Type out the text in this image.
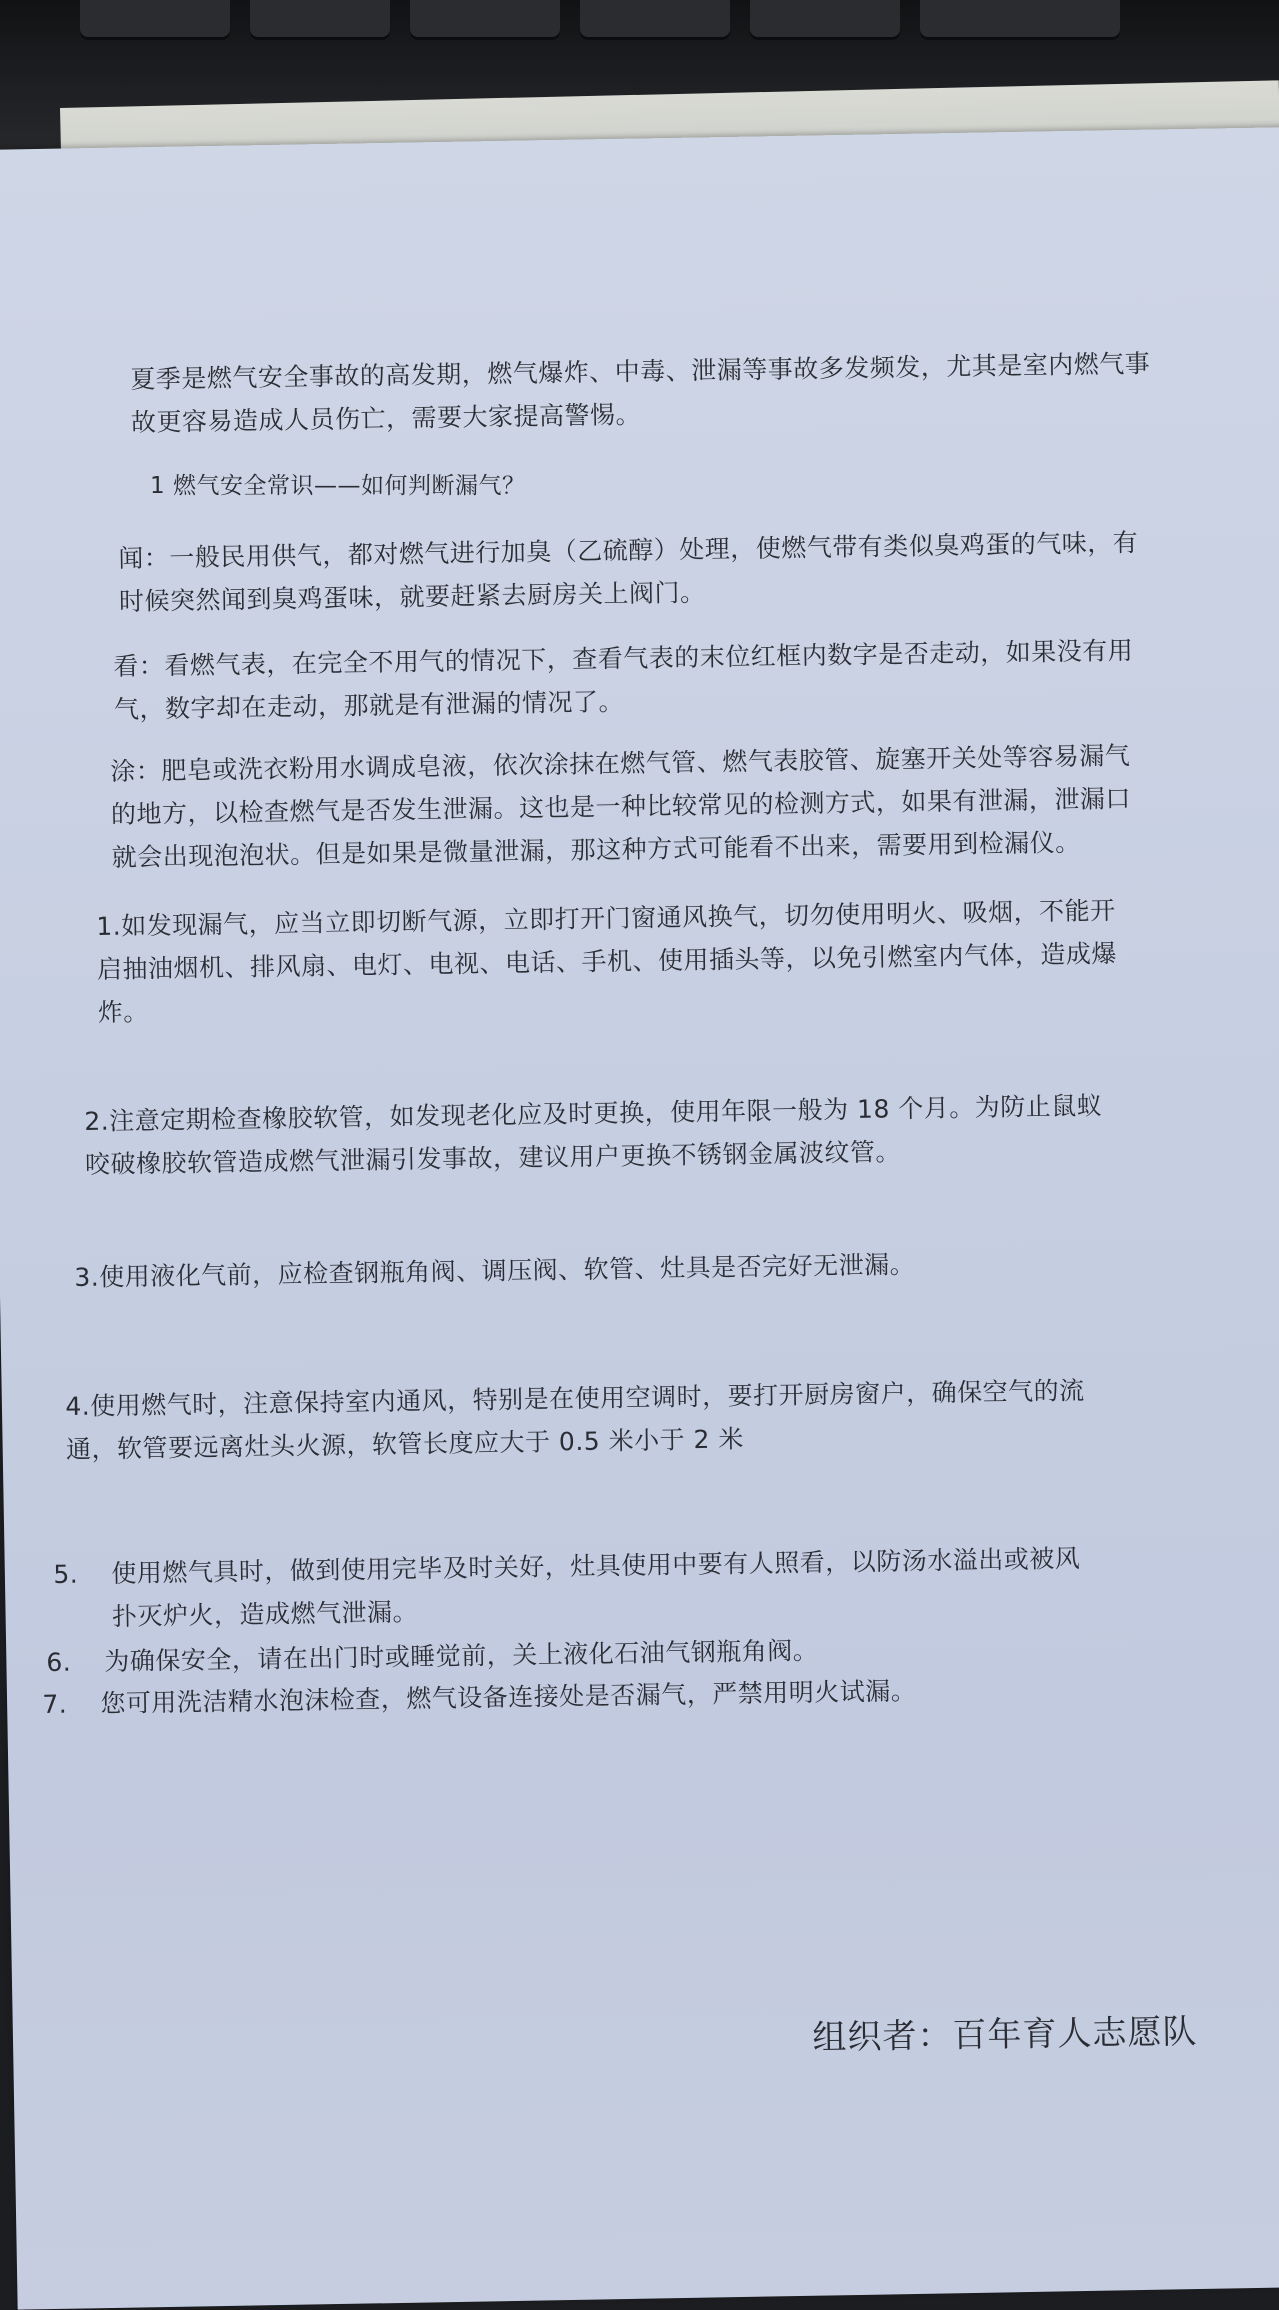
夏季是燃气安全事故的高发期，燃气爆炸、中毒、泄漏等事故多发频发，尤其是室内燃气事
故更容易造成人员伤亡，需要大家提高警惕。
1 燃气安全常识——如何判断漏气？
闻：一般民用供气，都对燃气进行加臭（乙硫醇）处理，使燃气带有类似臭鸡蛋的气味，有
时候突然闻到臭鸡蛋味，就要赶紧去厨房关上阀门。
看：看燃气表，在完全不用气的情况下，查看气表的末位红框内数字是否走动，如果没有用
气，数字却在走动，那就是有泄漏的情况了。
涂：肥皂或洗衣粉用水调成皂液，依次涂抹在燃气管、燃气表胶管、旋塞开关处等容易漏气
的地方，以检查燃气是否发生泄漏。这也是一种比较常见的检测方式，如果有泄漏，泄漏口
就会出现泡泡状。但是如果是微量泄漏，那这种方式可能看不出来，需要用到检漏仪。
1.如发现漏气，应当立即切断气源，立即打开门窗通风换气，切勿使用明火、吸烟，不能开
启抽油烟机、排风扇、电灯、电视、电话、手机、使用插头等，以免引燃室内气体，造成爆
炸。
2.注意定期检查橡胶软管，如发现老化应及时更换，使用年限一般为 18 个月。为防止鼠蚁
咬破橡胶软管造成燃气泄漏引发事故，建议用户更换不锈钢金属波纹管。
3.使用液化气前，应检查钢瓶角阀、调压阀、软管、灶具是否完好无泄漏。
4.使用燃气时，注意保持室内通风，特别是在使用空调时，要打开厨房窗户，确保空气的流
通，软管要远离灶头火源，软管长度应大于 0.5 米小于 2 米
5. 使用燃气具时，做到使用完毕及时关好，灶具使用中要有人照看，以防汤水溢出或被风
扑灭炉火，造成燃气泄漏。
6. 为确保安全，请在出门时或睡觉前，关上液化石油气钢瓶角阀。
7. 您可用洗洁精水泡沫检查，燃气设备连接处是否漏气，严禁用明火试漏。
组织者：百年育人志愿队
